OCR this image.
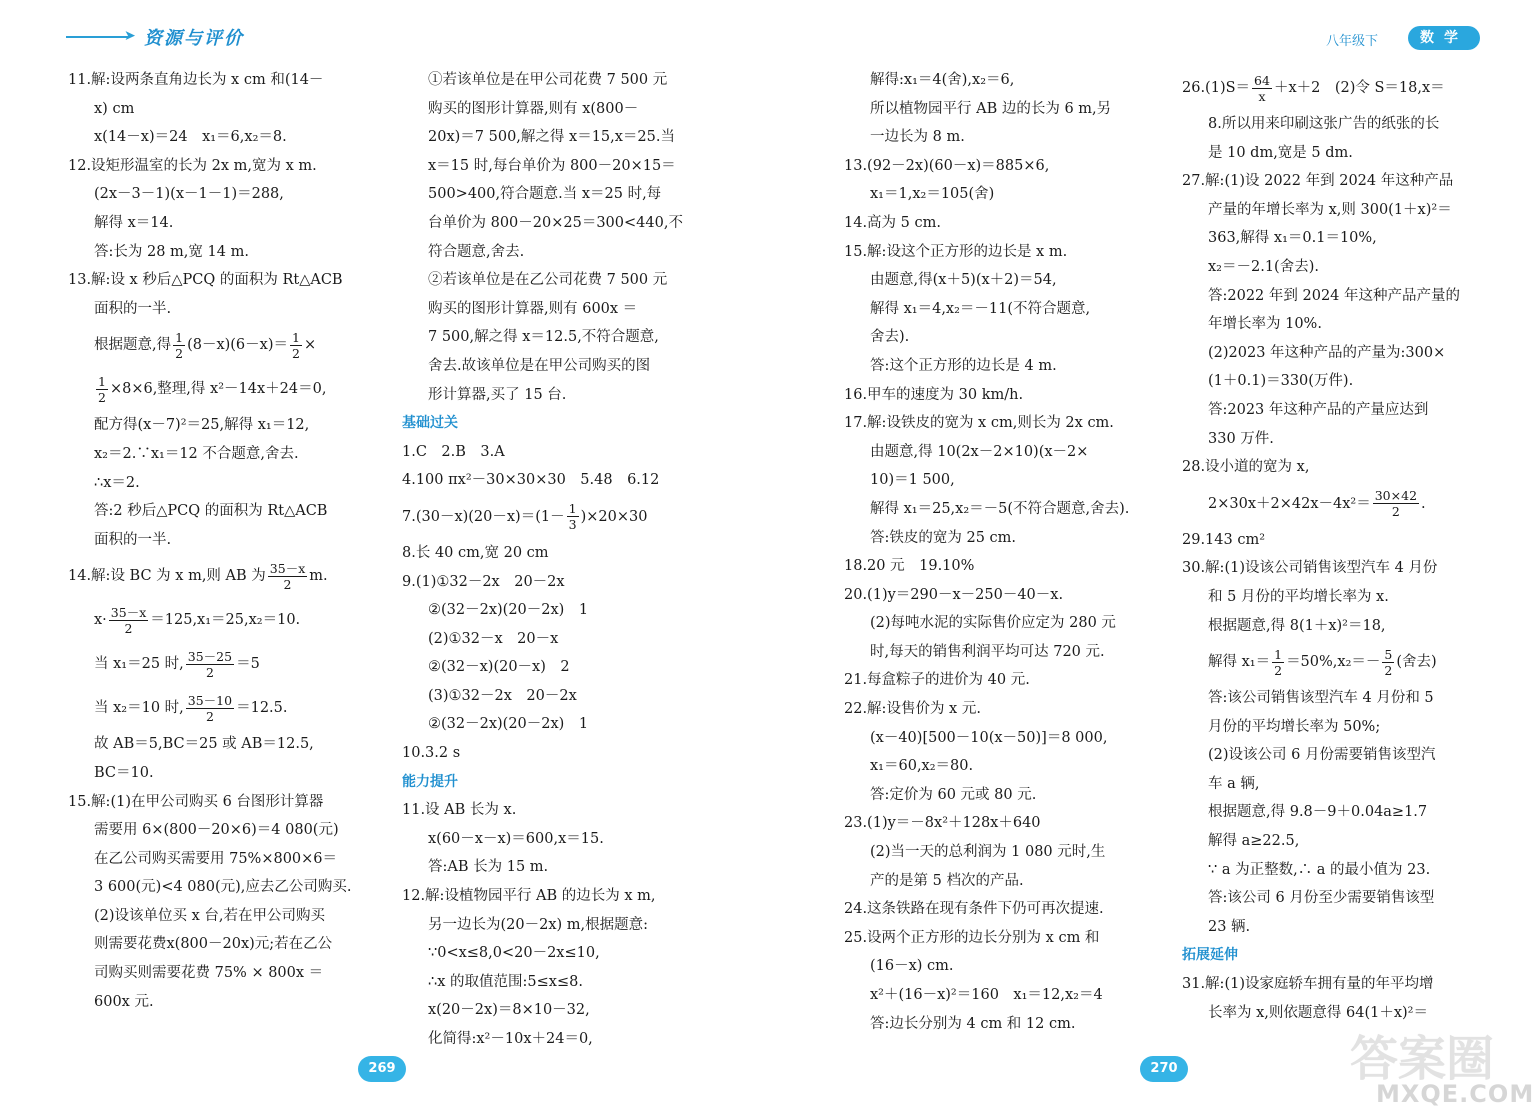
➤ 资源与评价
11.解:设两条直角边长为 x cm 和(14－
x) cm
x(14－x)＝24　x₁＝6,x₂＝8.
12.设矩形温室的长为 2x m,宽为 x m.
(2x－3－1)(x－1－1)＝288,
解得 x＝14.
答:长为 28 m,宽 14 m.
13.解:设 x 秒后△PCQ 的面积为 Rt△ACB
面积的一半.
根据题意,得 $\frac{1}{2} (8-x)(6-x)= \frac{1}{2}$ ×
$\frac{1}{2} \times 8\times 6$,整理,得 x²－14x＋24＝0,
配方得(x－7)²＝25,解得 x₁＝12,
x₂＝2.∵x₁＝12 不合题意,舍去.
∴x＝2.
答:2 秒后△PCQ 的面积为 Rt△ACB
面积的一半.
14.解:设 BC 为 x m,则 AB 为 $\frac{35-x}{2} m$.
$x\cdot \frac{35-x}{2} =125,x_1=25,x_2=10$.
当 x₁＝25 时, $\frac{35-25}{2} =5$
当 x₂＝10 时, $\frac{35-10}{2} =12.5$.
故 AB＝5,BC＝25 或 AB＝12.5,
BC＝10.
15.解:(1)在甲公司购买 6 台图形计算器
需要用 6×(800－20×6)＝4 080(元)
在乙公司购买需要用 75%×800×6＝
3 600(元)<4 080(元),应去乙公司购买.
(2)设该单位买 x 台,若在甲公司购买
则需要花费x(800－20x)元;若在乙公
司购买则需要花费 75% × 800x ＝
600x 元.
①若该单位是在甲公司花费 7 500 元
购买的图形计算器,则有 x(800－
20x)＝7 500,解之得 x＝15,x＝25.当
x＝15 时,每台单价为 800－20×15＝
500>400,符合题意.当 x＝25 时,每
台单价为 800－20×25＝300<440,不
符合题意,舍去.
②若该单位是在乙公司花费 7 500 元
购买的图形计算器,则有 600x ＝
7 500,解之得 x＝12.5,不符合题意,
舍去.故该单位是在甲公司购买的图
形计算器,买了 15 台.
基础过关
1.C　2.B　3.A
4.100 πx²－30×30×30　5.48　6.12
$7.(30-x)(20-x)=(1- \frac{1}{3} )\times 20\times 30$
8.长 40 cm,宽 20 cm
9.(1)①32－2x　20－2x
②(32－2x)(20－2x)　1
(2)①32－x　20－x
②(32－x)(20－x)　2
(3)①32－2x　20－2x
②(32－2x)(20－2x)　1
10.3.2 s
能力提升
11.设 AB 长为 x.
x(60－x－x)＝600,x＝15.
答:AB 长为 15 m.
12.解:设植物园平行 AB 的边长为 x m,
另一边长为(20－2x) m,根据题意:
∵0<x≤8,0<20－2x≤10,
∴x 的取值范围:5≤x≤8.
x(20－2x)＝8×10－32,
化简得:x²－10x＋24＝0,
269
八年级下	数学
解得:x₁＝4(舍),x₂＝6,
所以植物园平行 AB 边的长为 6 m,另
一边长为 8 m.
13.(92－2x)(60－x)＝885×6,
x₁＝1,x₂＝105(舍)
14.高为 5 cm.
15.解:设这个正方形的边长是 x m.
由题意,得(x＋5)(x＋2)＝54,
解得 x₁＝4,x₂＝－11(不符合题意,
舍去).
答:这个正方形的边长是 4 m.
16.甲车的速度为 30 km/h.
17.解:设铁皮的宽为 x cm,则长为 2x cm.
由题意,得 10(2x－2×10)(x－2×
10)＝1 500,
解得 x₁＝25,x₂＝－5(不符合题意,舍去).
答:铁皮的宽为 25 cm.
18.20 元　19.10%
20.(1)y＝290－x－250－40－x.
(2)每吨水泥的实际售价应定为 280 元
时,每天的销售利润平均可达 720 元.
21.每盒粽子的进价为 40 元.
22.解:设售价为 x 元.
(x－40)[500－10(x－50)]＝8 000,
x₁＝60,x₂＝80.
答:定价为 60 元或 80 元.
23.(1)y＝－8x²＋128x＋640
(2)当一天的总利润为 1 080 元时,生
产的是第 5 档次的产品.
24.这条铁路在现有条件下仍可再次提速.
25.设两个正方形的边长分别为 x cm 和
(16－x) cm.
x²＋(16－x)²＝160　x₁＝12,x₂＝4
答:边长分别为 4 cm 和 12 cm.
$26.(1)S= \frac{64}{x} +x+2$　(2)令 S＝18,x＝
8.所以用来印刷这张广告的纸张的长
是 10 dm,宽是 5 dm.
27.解:(1)设 2022 年到 2024 年这种产品
产量的年增长率为 x,则 300(1＋x)²＝
363,解得 x₁＝0.1＝10%,
x₂＝－2.1(舍去).
答:2022 年到 2024 年这种产品产量的
年增长率为 10%.
(2)2023 年这种产品的产量为:300×
(1＋0.1)＝330(万件).
答:2023 年这种产品的产量应达到
330 万件.
28.设小道的宽为 x,
$2\times 30x+2\times 42x-4x^2= \frac{30\times 42}{2}$ .
29.143 cm²
30.解:(1)设该公司销售该型汽车 4 月份
和 5 月份的平均增长率为 x.
根据题意,得 8(1＋x)²＝18,
解得 $x_1= \frac{1}{2} =50\%,x_2=- \frac{5}{2}$ (舍去)
答:该公司销售该型汽车 4 月份和 5
月份的平均增长率为 50%;
(2)设该公司 6 月份需要销售该型汽
车 a 辆,
根据题意,得 9.8－9＋0.04a≥1.7
解得 a≥22.5,
∵ a 为正整数,∴ a 的最小值为 23.
答:该公司 6 月份至少需要销售该型
23 辆.
拓展延伸
31.解:(1)设家庭轿车拥有量的年平均增
长率为 x,则依题意得 64(1＋x)²＝
270	答案圈
MXQE.COM
